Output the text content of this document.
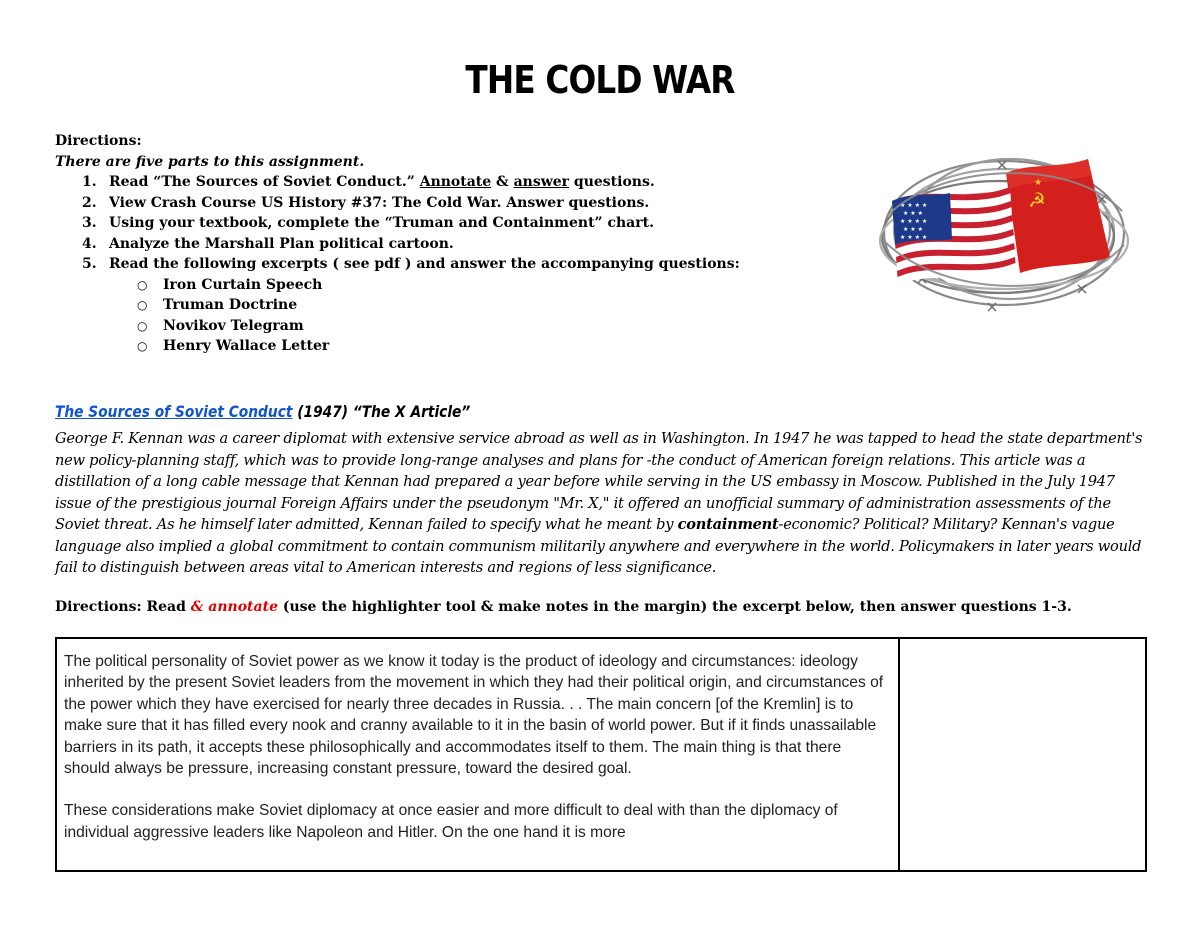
THE COLD WAR
Directions:
There are five parts to this assignment.
1. Read “The Sources of Soviet Conduct.” Annotate & answer questions.
2. View Crash Course US History #37: The Cold War. Answer questions.
3. Using your textbook, complete the “Truman and Containment” chart.
4. Analyze the Marshall Plan political cartoon.
5. Read the following excerpts ( see pdf ) and answer the accompanying questions:
○ Iron Curtain Speech
○ Truman Doctrine
○ Novikov Telegram
○ Henry Wallace Letter
☭
★
★ ★ ★ ★
★ ★ ★
★ ★ ★ ★
★ ★ ★
★ ★ ★ ★
The Sources of Soviet Conduct (1947) “The X Article”
George F. Kennan was a career diplomat with extensive service abroad as well as in Washington. In 1947 he was tapped to head the state department's new policy-planning staff, which was to provide long-range analyses and plans for -the conduct of American foreign relations. This article was a distillation of a long cable message that Kennan had prepared a year before while serving in the US embassy in Moscow. Published in the July 1947 issue of the prestigious journal Foreign Affairs under the pseudonym "Mr. X," it offered an unofficial summary of administration assessments of the Soviet threat. As he himself later admitted, Kennan failed to specify what he meant by containment-economic? Political? Military? Kennan's vague language also implied a global commitment to contain communism militarily anywhere and everywhere in the world. Policymakers in later years would fail to distinguish between areas vital to American interests and regions of less significance.
Directions: Read & annotate (use the highlighter tool & make notes in the margin) the excerpt below, then answer questions 1-3.

The political personality of Soviet power as we know it today is the product of ideology and circumstances: ideology inherited by the present Soviet leaders from the movement in which they had their political origin, and circumstances of the power which they have exercised for nearly three decades in Russia. . . The main concern [of the Kremlin] is to make sure that it has filled every nook and cranny available to it in the basin of world power. But if it finds unassailable barriers in its path, it accepts these philosophically and accommodates itself to them. The main thing is that there should always be pressure, increasing constant pressure, toward the desired goal.

These considerations make Soviet diplomacy at once easier and more difficult to deal with than the diplomacy of individual aggressive leaders like Napoleon and Hitler. On the one hand it is more
